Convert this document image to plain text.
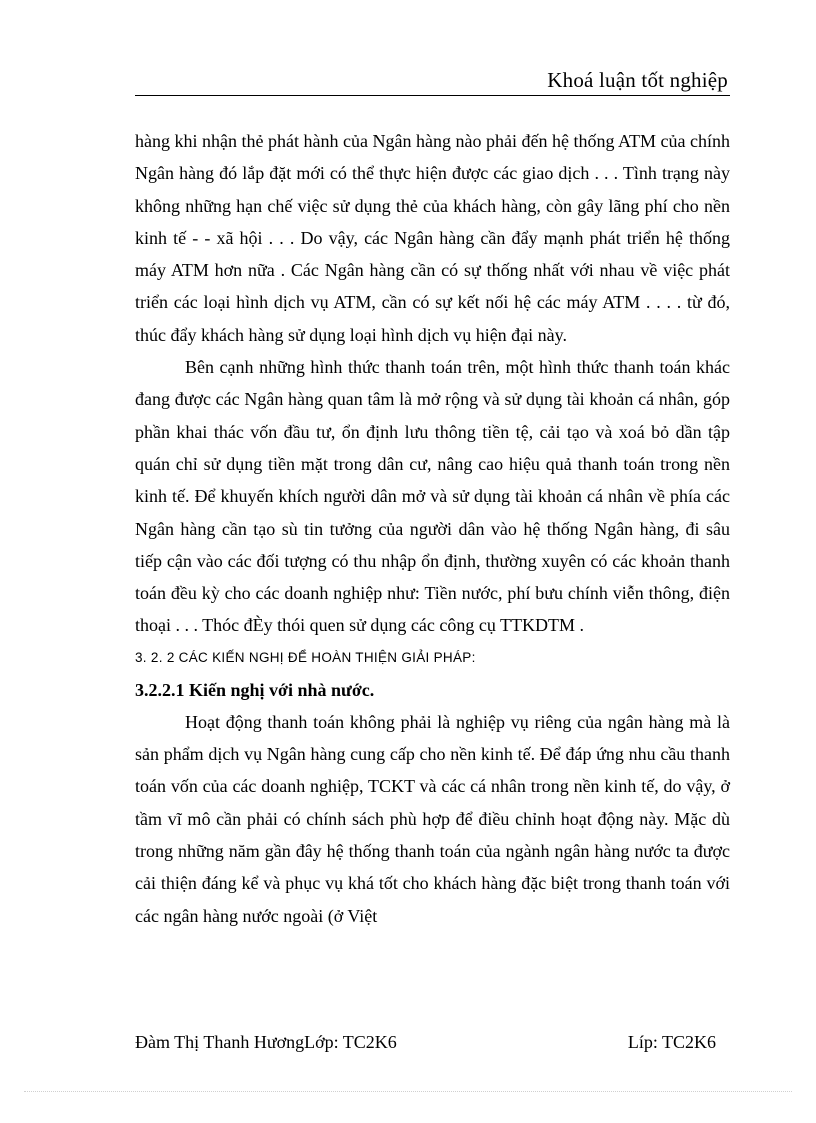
Khoá luận tốt nghiệp

hàng khi nhận thẻ phát hành của Ngân hàng nào phải đến hệ thống ATM của chính Ngân hàng đó lắp đặt mới có thể thực hiện được các giao dịch . . . Tình trạng này không những hạn chế việc sử dụng thẻ của khách hàng, còn gây lãng phí cho nền kinh tế - - xã hội . . . Do vậy, các Ngân hàng cần đẩy mạnh phát triển hệ thống máy ATM hơn nữa . Các Ngân hàng cần có sự thống nhất với nhau về việc phát triển các loại hình dịch vụ ATM, cần có sự kết nối hệ các máy ATM . . . . từ đó, thúc đẩy khách hàng sử dụng loại hình dịch vụ hiện đại này.

Bên cạnh những hình thức thanh toán trên, một hình thức thanh toán khác đang được các Ngân hàng quan tâm là mở rộng và sử dụng tài khoản cá nhân, góp phần khai thác vốn đầu tư, ổn định lưu thông tiền tệ, cải tạo và xoá bỏ dần tập quán chỉ sử dụng tiền mặt trong dân cư, nâng cao hiệu quả thanh toán trong nền kinh tế. Để khuyến khích người dân mở và sử dụng tài khoản cá nhân về phía các Ngân hàng cần tạo sù tin tưởng của người dân vào hệ thống Ngân hàng, đi sâu tiếp cận vào các đối tượng có thu nhập ổn định, thường xuyên có các khoản thanh toán đều kỳ cho các doanh nghiệp như: Tiền nước, phí bưu chính viễn thông, điện thoại . . . Thóc đÈy thói quen sử dụng các công cụ TTKDTM .

3. 2. 2 CÁC KIẾN NGHỊ ĐỂ HOÀN THIỆN GIẢI PHÁP:

3.2.2.1 Kiến nghị với nhà nước.

Hoạt động thanh toán không phải là nghiệp vụ riêng của ngân hàng mà là sản phẩm dịch vụ Ngân hàng cung cấp cho nền kinh tế. Để đáp ứng nhu cầu thanh toán vốn của các doanh nghiệp, TCKT và các cá nhân trong nền kinh tế, do vậy, ở tầm vĩ mô cần phải có chính sách phù hợp để điều chỉnh hoạt động này. Mặc dù trong những năm gần đây hệ thống thanh toán của ngành ngân hàng nước ta được cải thiện đáng kể và phục vụ khá tốt cho khách hàng đặc biệt trong thanh toán với các ngân hàng nước ngoài (ở Việt

Đàm Thị Thanh HươngLớp: TC2K6	Líp: TC2K6
